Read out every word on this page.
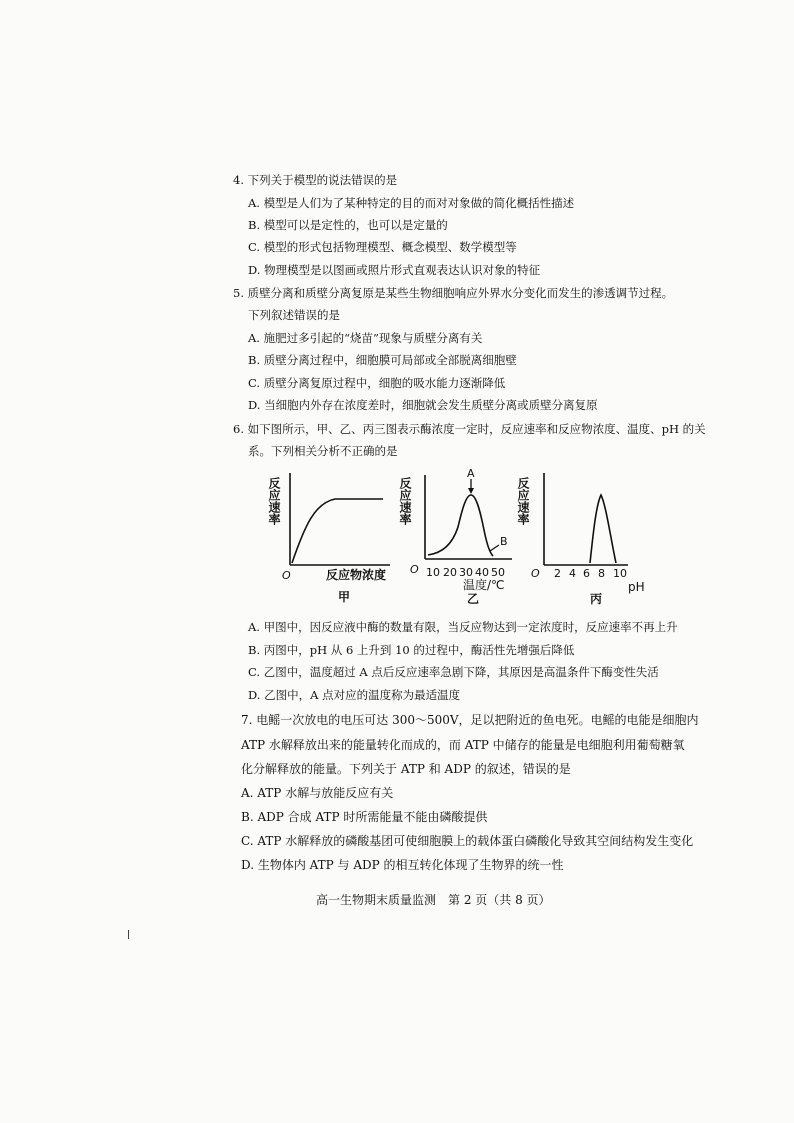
4. 下列关于模型的说法错误的是
A. 模型是人们为了某种特定的目的而对对象做的简化概括性描述
B. 模型可以是定性的，也可以是定量的
C. 模型的形式包括物理模型、概念模型、数学模型等
D. 物理模型是以图画或照片形式直观表达认识对象的特征
5. 质壁分离和质壁分离复原是某些生物细胞响应外界水分变化而发生的渗透调节过程。
下列叙述错误的是
A. 施肥过多引起的“烧苗”现象与质壁分离有关
B. 质壁分离过程中，细胞膜可局部或全部脱离细胞壁
C. 质壁分离复原过程中，细胞的吸水能力逐渐降低
D. 当细胞内外存在浓度差时，细胞就会发生质壁分离或质壁分离复原
6. 如下图所示，甲、乙、丙三图表示酶浓度一定时，反应速率和反应物浓度、温度、pH 的关
系。下列相关分析不正确的是
反应速率
O	反应物浓度
甲
反应速率
A
B
O 10 20 30 40 50
温度/℃
乙
反应速率
O 2 4 6 8 10
pH
丙
A. 甲图中，因反应液中酶的数量有限，当反应物达到一定浓度时，反应速率不再上升
B. 丙图中，pH 从 6 上升到 10 的过程中，酶活性先增强后降低
C. 乙图中，温度超过 A 点后反应速率急剧下降，其原因是高温条件下酶变性失活
D. 乙图中，A 点对应的温度称为最适温度
7. 电鳐一次放电的电压可达 300～500V，足以把附近的鱼电死。电鳐的电能是细胞内
ATP 水解释放出来的能量转化而成的，而 ATP 中储存的能量是电细胞利用葡萄糖氧
化分解释放的能量。下列关于 ATP 和 ADP 的叙述，错误的是
A. ATP 水解与放能反应有关
B. ADP 合成 ATP 时所需能量不能由磷酸提供
C. ATP 水解释放的磷酸基团可使细胞膜上的载体蛋白磷酸化导致其空间结构发生变化
D. 生物体内 ATP 与 ADP 的相互转化体现了生物界的统一性
高一生物期末质量监测　第 2 页（共 8 页）
